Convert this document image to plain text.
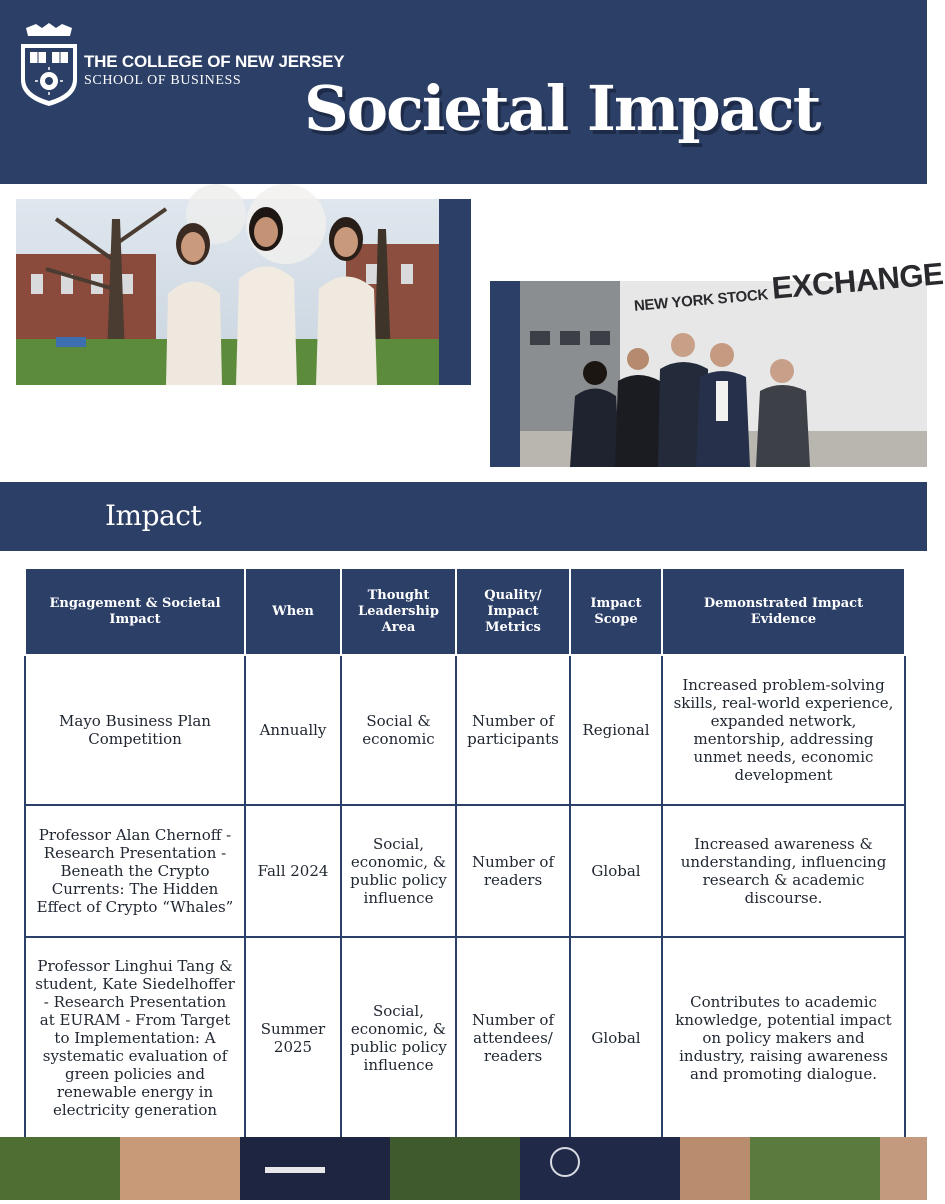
THE COLLEGE OF NEW JERSEY
SCHOOL OF BUSINESS Societal Impact
NEW YORK STOCK EXCHANGE
Impact
Engagement & Societal Impact	When	Thought Leadership Area	Quality/ Impact Metrics	Impact Scope	Demonstrated Impact Evidence
Mayo Business Plan Competition	Annually	Social & economic	Number of participants	Regional	Increased problem-solving skills, real-world experience, expanded network, mentorship, addressing unmet needs, economic development
Professor Alan Chernoff - Research Presentation - Beneath the Crypto Currents: The Hidden Effect of Crypto “Whales”	Fall 2024	Social, economic, & public policy influence	Number of readers	Global	Increased awareness & understanding, influencing research & academic discourse.
Professor Linghui Tang & student, Kate Siedelhoffer - Research Presentation at EURAM - From Target to Implementation: A systematic evaluation of green policies and renewable energy in electricity generation	Summer 2025	Social, economic, & public policy influence	Number of attendees/ readers	Global	Contributes to academic knowledge, potential impact on policy makers and industry, raising awareness and promoting dialogue.
